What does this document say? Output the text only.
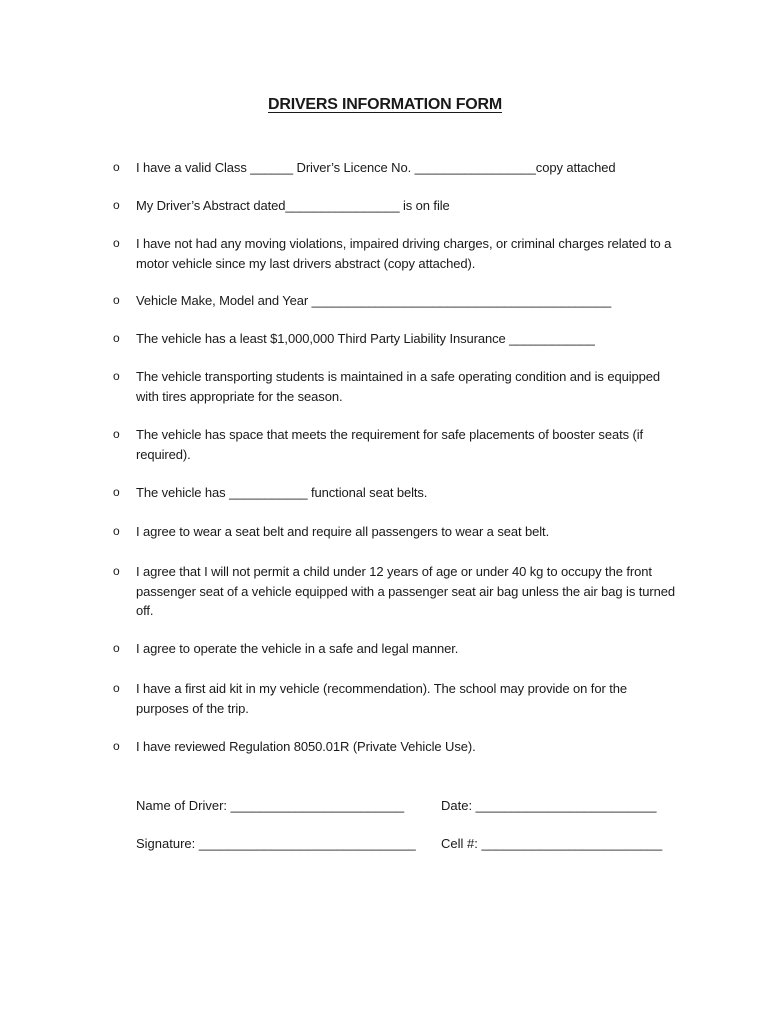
DRIVERS INFORMATION FORM
o I have a valid Class ______ Driver’s Licence No. _________________copy attached
o My Driver’s Abstract dated________________ is on file
o I have not had any moving violations, impaired driving charges, or criminal charges related to a motor vehicle since my last drivers abstract (copy attached).
o Vehicle Make, Model and Year __________________________________________
o The vehicle has a least $1,000,000 Third Party Liability Insurance ____________
o The vehicle transporting students is maintained in a safe operating condition and is equipped with tires appropriate for the season.
o The vehicle has space that meets the requirement for safe placements of booster seats (if required).
o The vehicle has ___________ functional seat belts.
o I agree to wear a seat belt and require all passengers to wear a seat belt.
o I agree that I will not permit a child under 12 years of age or under 40 kg to occupy the front passenger seat of a vehicle equipped with a passenger seat air bag unless the air bag is turned off.
o I agree to operate the vehicle in a safe and legal manner.
o I have a first aid kit in my vehicle (recommendation). The school may provide on for the purposes of the trip.
o I have reviewed Regulation 8050.01R (Private Vehicle Use).
Name of Driver: ________________________	Date: _________________________
Signature: ______________________________ Cell #: _________________________
